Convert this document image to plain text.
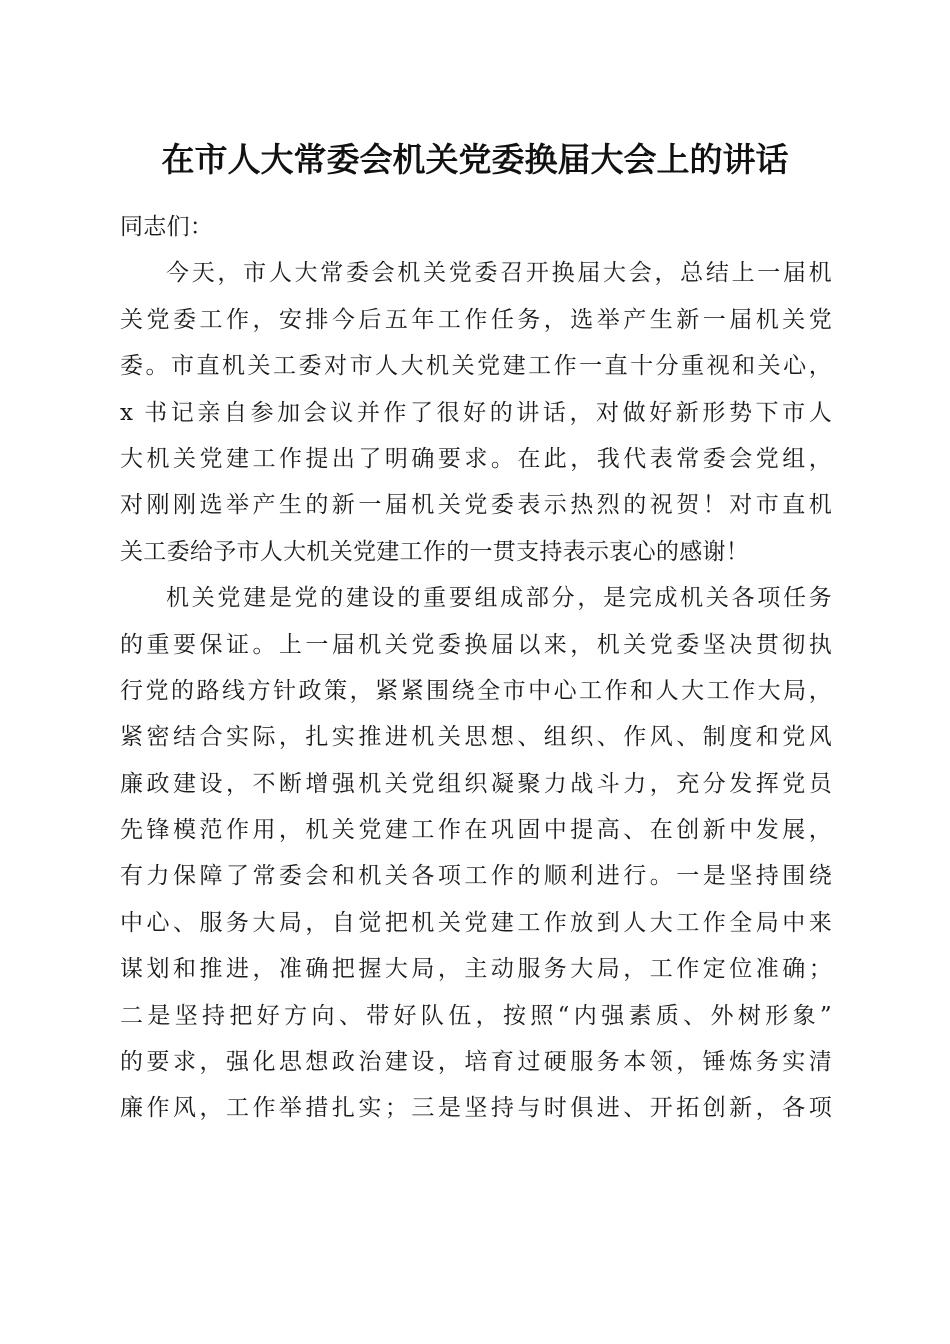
在市人大常委会机关党委换届大会上的讲话
同志们：
今天，市人大常委会机关党委召开换届大会，总结上一届机
关党委工作，安排今后五年工作任务，选举产生新一届机关党
委。市直机关工委对市人大机关党建工作一直十分重视和关心，
x 书记亲自参加会议并作了很好的讲话，对做好新形势下市人
大机关党建工作提出了明确要求。在此，我代表常委会党组，
对刚刚选举产生的新一届机关党委表示热烈的祝贺！对市直机
关工委给予市人大机关党建工作的一贯支持表示衷心的感谢！
机关党建是党的建设的重要组成部分，是完成机关各项任务
的重要保证。上一届机关党委换届以来，机关党委坚决贯彻执
行党的路线方针政策，紧紧围绕全市中心工作和人大工作大局，
紧密结合实际，扎实推进机关思想、组织、作风、制度和党风
廉政建设，不断增强机关党组织凝聚力战斗力，充分发挥党员
先锋模范作用，机关党建工作在巩固中提高、在创新中发展，
有力保障了常委会和机关各项工作的顺利进行。一是坚持围绕
中心、服务大局，自觉把机关党建工作放到人大工作全局中来
谋划和推进，准确把握大局，主动服务大局，工作定位准确；
二是坚持把好方向、带好队伍，按照“内强素质、外树形象”
的要求，强化思想政治建设，培育过硬服务本领，锤炼务实清
廉作风，工作举措扎实；三是坚持与时俱进、开拓创新，各项
